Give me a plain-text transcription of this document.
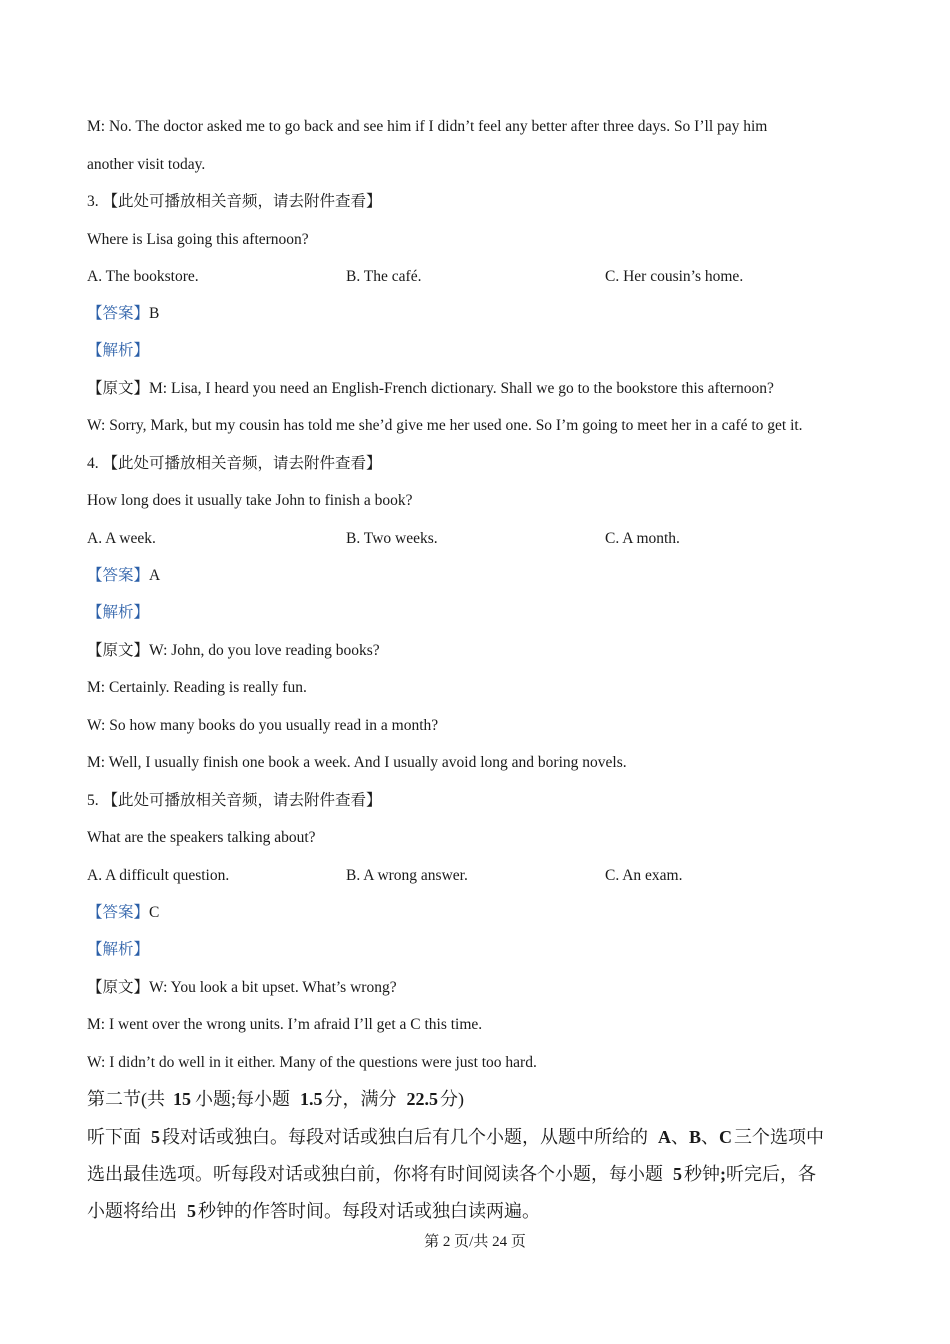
M: No. The doctor asked me to go back and see him if I didn’t feel any better after three days. So I’ll pay him
another visit today.
3. 【此处可播放相关音频，请去附件查看】
Where is Lisa going this afternoon?
A. The bookstore.	B. The café.	C. Her cousin’s home.
【答案】B
【解析】
【原文】M: Lisa, I heard you need an English-French dictionary. Shall we go to the bookstore this afternoon?
W: Sorry, Mark, but my cousin has told me she’d give me her used one. So I’m going to meet her in a café to get it.
4. 【此处可播放相关音频，请去附件查看】
How long does it usually take John to finish a book?
A. A week.	B. Two weeks.	C. A month.
【答案】A
【解析】
【原文】W: John, do you love reading books?
M: Certainly. Reading is really fun.
W: So how many books do you usually read in a month?
M: Well, I usually finish one book a week. And I usually avoid long and boring novels.
5. 【此处可播放相关音频，请去附件查看】
What are the speakers talking about?
A. A difficult question.	B. A wrong answer.	C. An exam.
【答案】C
【解析】
【原文】W: You look a bit upset. What’s wrong?
M: I went over the wrong units. I’m afraid I’ll get a C this time.
W: I didn’t do well in it either. Many of the questions were just too hard.
第二节(共 15 小题;每小题 1.5 分，满分 22.5 分)
听下面 5 段对话或独白。每段对话或独白后有几个小题，从题中所给的 A、B、C 三个选项中
选出最佳选项。听每段对话或独白前，你将有时间阅读各个小题，每小题 5 秒钟;听完后，各
小题将给出 5 秒钟的作答时间。每段对话或独白读两遍。
第 2 页/共 24 页
